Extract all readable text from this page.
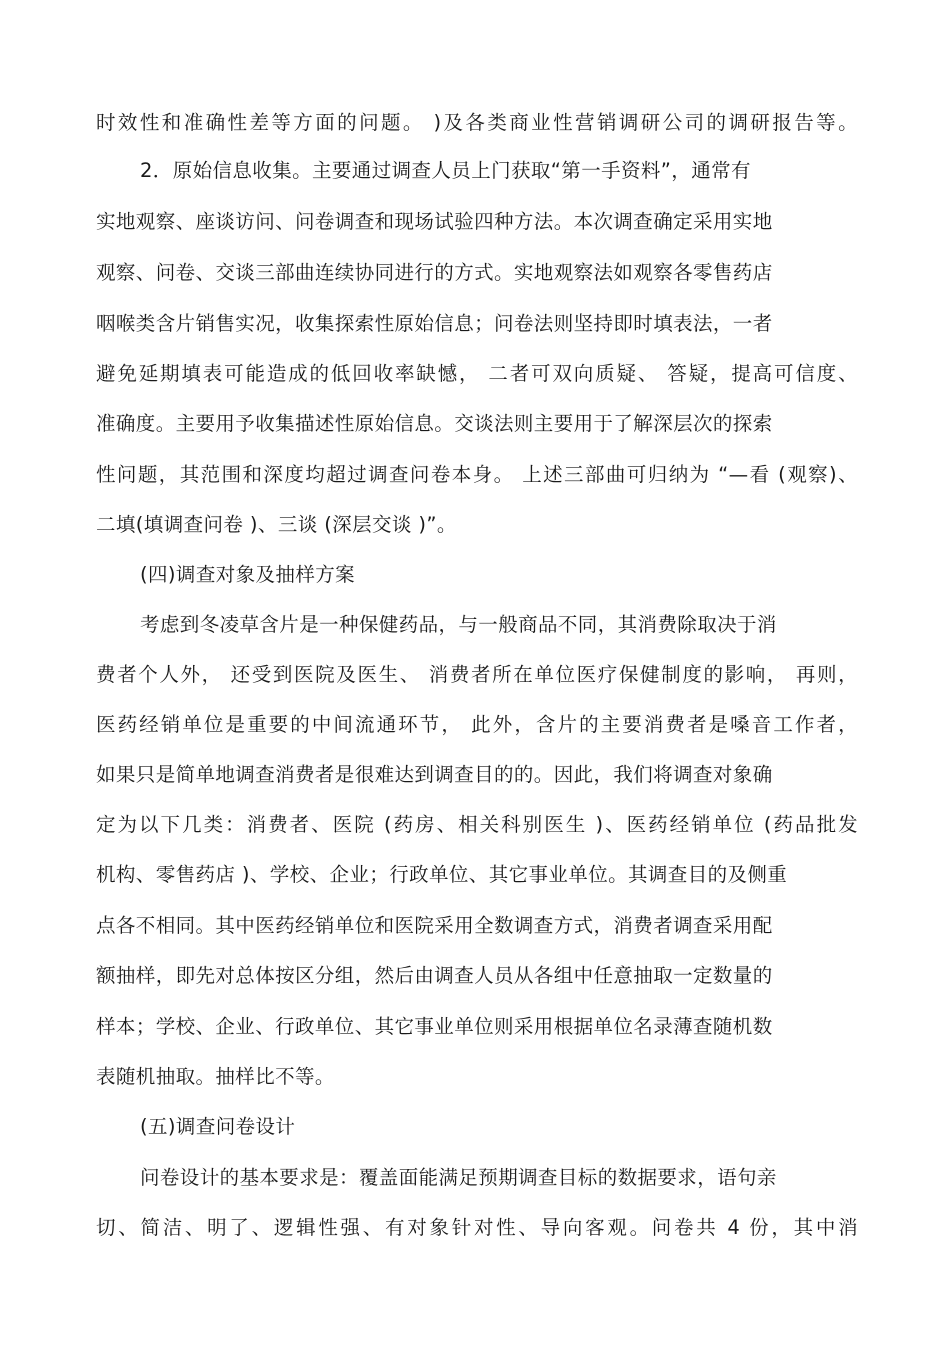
时效性和准确性差等方面的问题。 )及各类商业性营销调研公司的调研报告等。
2．原始信息收集。主要通过调查人员上门获取“第一手资料”，通常有
实地观察、座谈访问、问卷调查和现场试验四种方法。本次调查确定采用实地
观察、问卷、交谈三部曲连续协同进行的方式。实地观察法如观察各零售药店
咽喉类含片销售实况，收集探索性原始信息；问卷法则坚持即时填表法，一者
避免延期填表可能造成的低回收率缺憾， 二者可双向质疑、 答疑，提高可信度、
准确度。主要用予收集描述性原始信息。交谈法则主要用于了解深层次的探索
性问题，其范围和深度均超过调查问卷本身。 上述三部曲可归纳为 “—看 (观察)、
二填(填调查问卷 )、三谈 (深层交谈 )”。
(四)调查对象及抽样方案
考虑到冬凌草含片是一种保健药品，与一般商品不同，其消费除取决于消
费者个人外， 还受到医院及医生、 消费者所在单位医疗保健制度的影响， 再则，
医药经销单位是重要的中间流通环节， 此外，含片的主要消费者是嗓音工作者，
如果只是简单地调查消费者是很难达到调查目的的。因此，我们将调查对象确
定为以下几类：消费者、医院 (药房、相关科别医生 )、医药经销单位 (药品批发
机构、零售药店 )、学校、企业；行政单位、其它事业单位。其调查目的及侧重
点各不相同。其中医药经销单位和医院采用全数调查方式，消费者调查采用配
额抽样，即先对总体按区分组，然后由调查人员从各组中任意抽取一定数量的
样本；学校、企业、行政单位、其它事业单位则采用根据单位名录薄查随机数
表随机抽取。抽样比不等。
(五)调查问卷设计
问卷设计的基本要求是：覆盖面能满足预期调查目标的数据要求，语句亲
切、简洁、明了、逻辑性强、有对象针对性、导向客观。问卷共 4 份，其中消
